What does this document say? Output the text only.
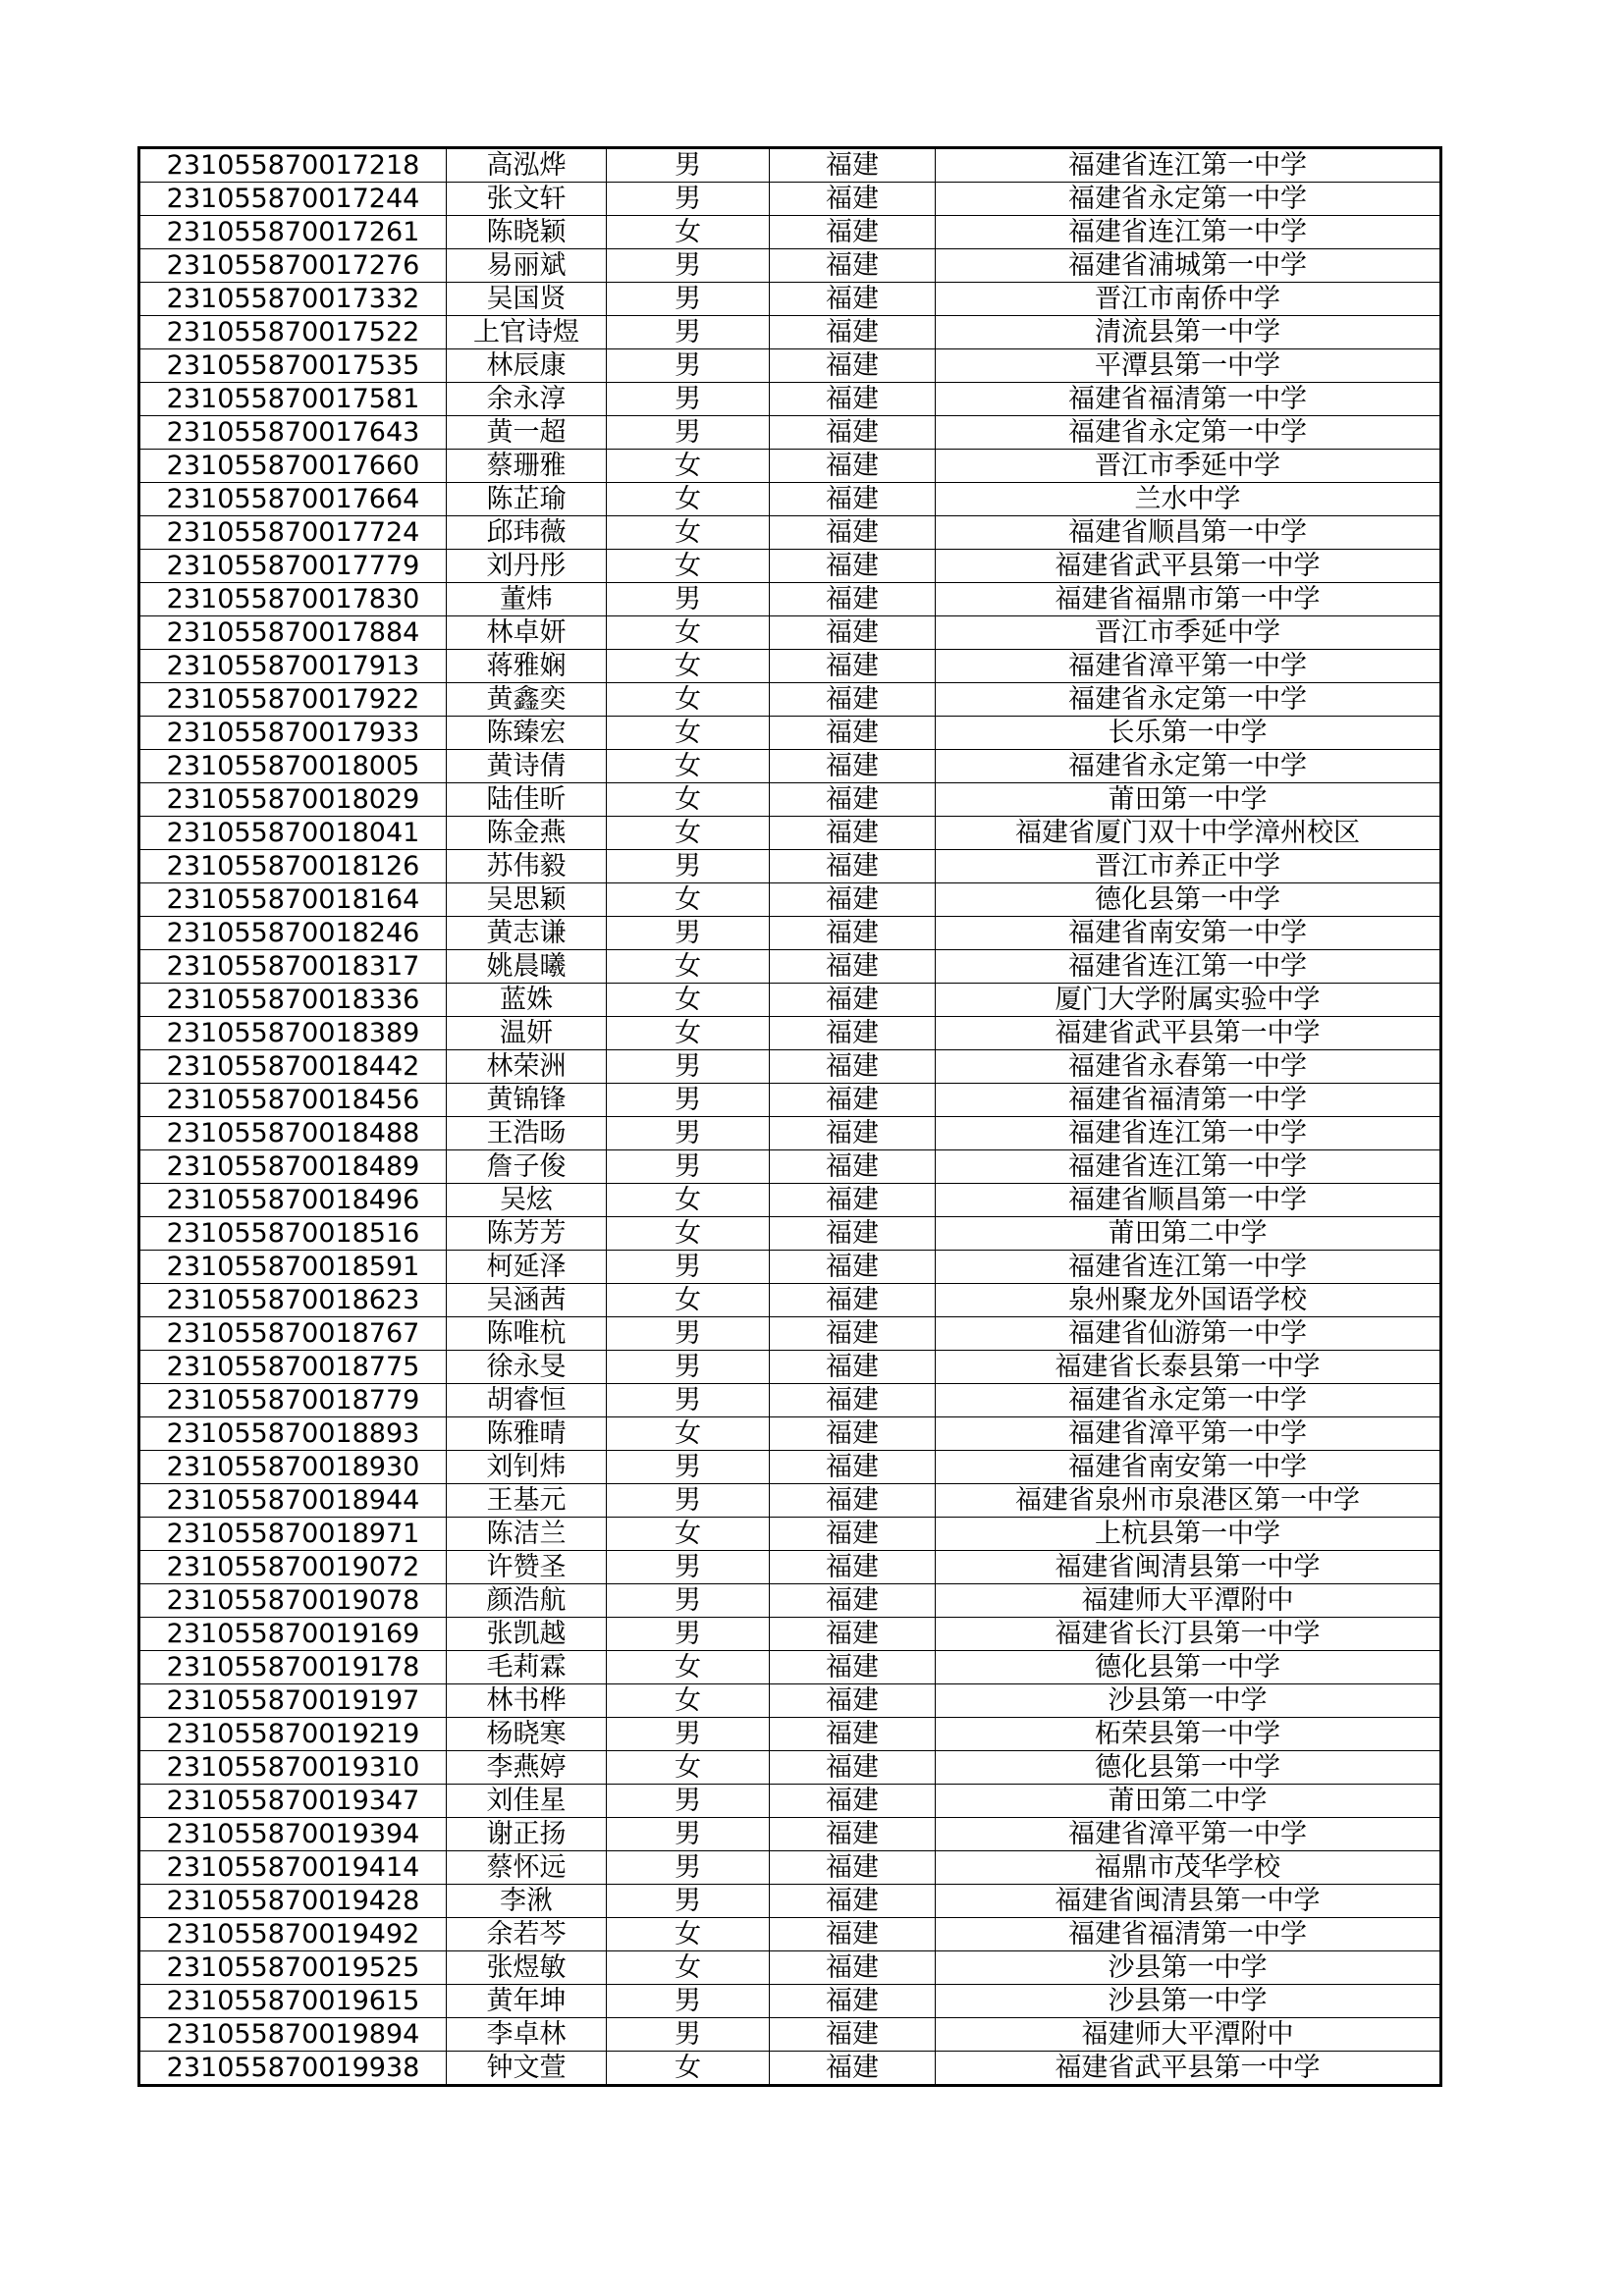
231055870017218	高泓烨	男	福建	福建省连江第一中学
231055870017244	张文轩	男	福建	福建省永定第一中学
231055870017261	陈晓颖	女	福建	福建省连江第一中学
231055870017276	易丽斌	男	福建	福建省浦城第一中学
231055870017332	吴国贤	男	福建	晋江市南侨中学
231055870017522	上官诗煜	男	福建	清流县第一中学
231055870017535	林辰康	男	福建	平潭县第一中学
231055870017581	余永淳	男	福建	福建省福清第一中学
231055870017643	黄一超	男	福建	福建省永定第一中学
231055870017660	蔡珊雅	女	福建	晋江市季延中学
231055870017664	陈芷瑜	女	福建	兰水中学
231055870017724	邱玮薇	女	福建	福建省顺昌第一中学
231055870017779	刘丹彤	女	福建	福建省武平县第一中学
231055870017830	董炜	男	福建	福建省福鼎市第一中学
231055870017884	林卓妍	女	福建	晋江市季延中学
231055870017913	蒋雅娴	女	福建	福建省漳平第一中学
231055870017922	黄鑫奕	女	福建	福建省永定第一中学
231055870017933	陈臻宏	女	福建	长乐第一中学
231055870018005	黄诗倩	女	福建	福建省永定第一中学
231055870018029	陆佳昕	女	福建	莆田第一中学
231055870018041	陈金燕	女	福建	福建省厦门双十中学漳州校区
231055870018126	苏伟毅	男	福建	晋江市养正中学
231055870018164	吴思颖	女	福建	德化县第一中学
231055870018246	黄志谦	男	福建	福建省南安第一中学
231055870018317	姚晨曦	女	福建	福建省连江第一中学
231055870018336	蓝姝	女	福建	厦门大学附属实验中学
231055870018389	温妍	女	福建	福建省武平县第一中学
231055870018442	林荣洲	男	福建	福建省永春第一中学
231055870018456	黄锦锋	男	福建	福建省福清第一中学
231055870018488	王浩旸	男	福建	福建省连江第一中学
231055870018489	詹子俊	男	福建	福建省连江第一中学
231055870018496	吴炫	女	福建	福建省顺昌第一中学
231055870018516	陈芳芳	女	福建	莆田第二中学
231055870018591	柯延泽	男	福建	福建省连江第一中学
231055870018623	吴涵茜	女	福建	泉州聚龙外国语学校
231055870018767	陈唯杭	男	福建	福建省仙游第一中学
231055870018775	徐永旻	男	福建	福建省长泰县第一中学
231055870018779	胡睿恒	男	福建	福建省永定第一中学
231055870018893	陈雅晴	女	福建	福建省漳平第一中学
231055870018930	刘钊炜	男	福建	福建省南安第一中学
231055870018944	王基元	男	福建	福建省泉州市泉港区第一中学
231055870018971	陈洁兰	女	福建	上杭县第一中学
231055870019072	许赞圣	男	福建	福建省闽清县第一中学
231055870019078	颜浩航	男	福建	福建师大平潭附中
231055870019169	张凯越	男	福建	福建省长汀县第一中学
231055870019178	毛莉霖	女	福建	德化县第一中学
231055870019197	林书桦	女	福建	沙县第一中学
231055870019219	杨晓寒	男	福建	柘荣县第一中学
231055870019310	李燕婷	女	福建	德化县第一中学
231055870019347	刘佳星	男	福建	莆田第二中学
231055870019394	谢正扬	男	福建	福建省漳平第一中学
231055870019414	蔡怀远	男	福建	福鼎市茂华学校
231055870019428	李湫	男	福建	福建省闽清县第一中学
231055870019492	余若芩	女	福建	福建省福清第一中学
231055870019525	张煜敏	女	福建	沙县第一中学
231055870019615	黄年坤	男	福建	沙县第一中学
231055870019894	李卓林	男	福建	福建师大平潭附中
231055870019938	钟文萱	女	福建	福建省武平县第一中学
